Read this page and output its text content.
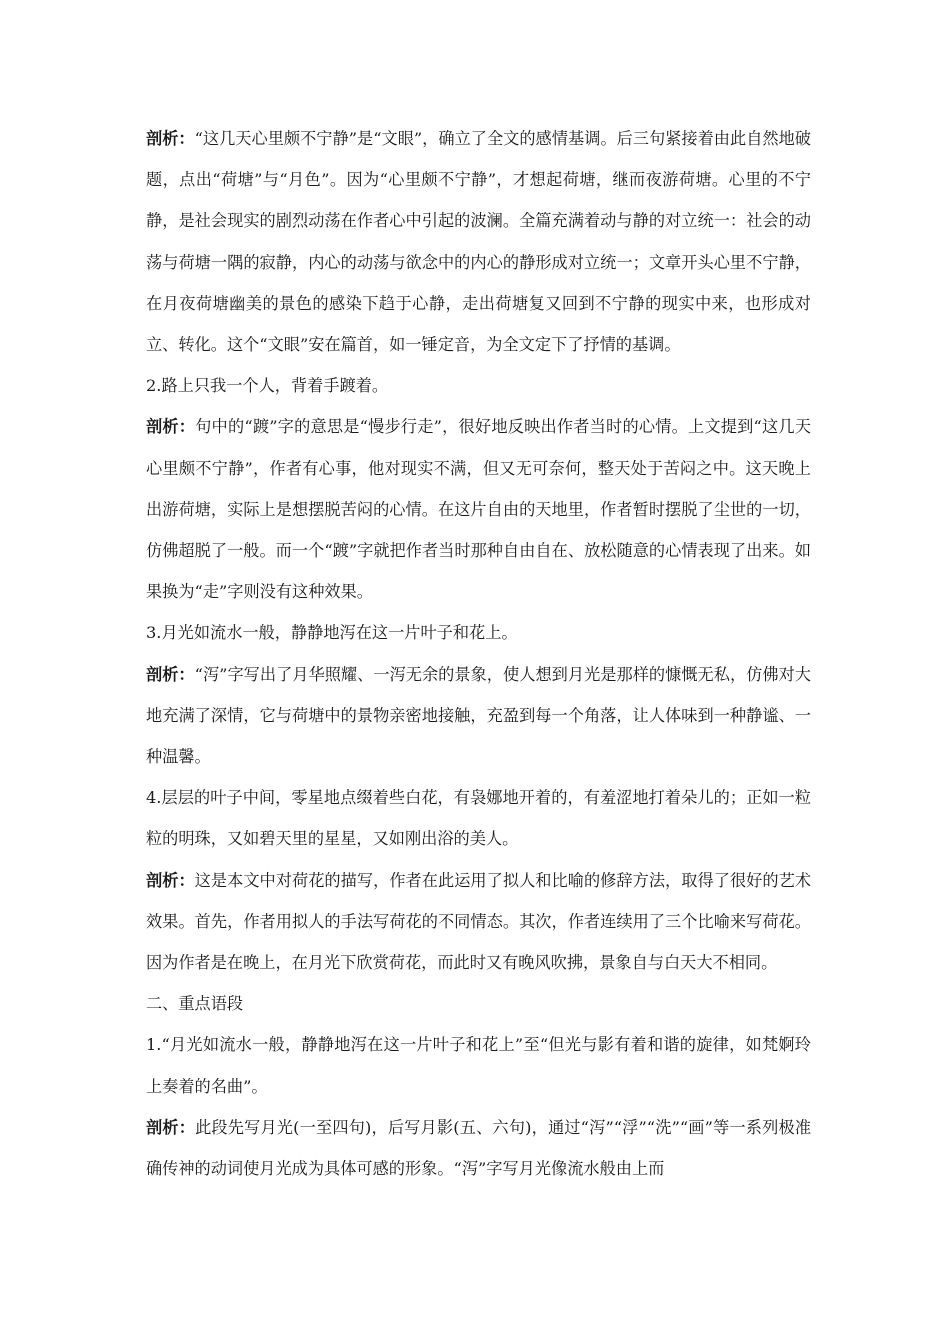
剖析：“这几天心里颇不宁静”是“文眼”，确立了全文的感情基调。后三句紧接着由此自然地破题，点出“荷塘”与“月色”。因为“心里颇不宁静”，才想起荷塘，继而夜游荷塘。心里的不宁静，是社会现实的剧烈动荡在作者心中引起的波澜。全篇充满着动与静的对立统一：社会的动荡与荷塘一隅的寂静，内心的动荡与欲念中的内心的静形成对立统一；文章开头心里不宁静，在月夜荷塘幽美的景色的感染下趋于心静，走出荷塘复又回到不宁静的现实中来，也形成对立、转化。这个“文眼”安在篇首，如一锤定音，为全文定下了抒情的基调。

2.路上只我一个人，背着手踱着。

剖析：句中的“踱”字的意思是“慢步行走”，很好地反映出作者当时的心情。上文提到“这几天心里颇不宁静”，作者有心事，他对现实不满，但又无可奈何，整天处于苦闷之中。这天晚上出游荷塘，实际上是想摆脱苦闷的心情。在这片自由的天地里，作者暂时摆脱了尘世的一切，仿佛超脱了一般。而一个“踱”字就把作者当时那种自由自在、放松随意的心情表现了出来。如果换为“走”字则没有这种效果。

3.月光如流水一般，静静地泻在这一片叶子和花上。

剖析：“泻”字写出了月华照耀、一泻无余的景象，使人想到月光是那样的慷慨无私，仿佛对大地充满了深情，它与荷塘中的景物亲密地接触，充盈到每一个角落，让人体味到一种静谧、一种温馨。

4.层层的叶子中间，零星地点缀着些白花，有袅娜地开着的，有羞涩地打着朵儿的；正如一粒粒的明珠，又如碧天里的星星，又如刚出浴的美人。

剖析：这是本文中对荷花的描写，作者在此运用了拟人和比喻的修辞方法，取得了很好的艺术效果。首先，作者用拟人的手法写荷花的不同情态。其次，作者连续用了三个比喻来写荷花。因为作者是在晚上，在月光下欣赏荷花，而此时又有晚风吹拂，景象自与白天大不相同。

二、重点语段

1.“月光如流水一般，静静地泻在这一片叶子和花上”至“但光与影有着和谐的旋律，如梵婀玲上奏着的名曲”。

剖析：此段先写月光(一至四句)，后写月影(五、六句)，通过“泻”“浮”“洗”“画”等一系列极准确传神的动词使月光成为具体可感的形象。“泻”字写月光像流水般由上而
